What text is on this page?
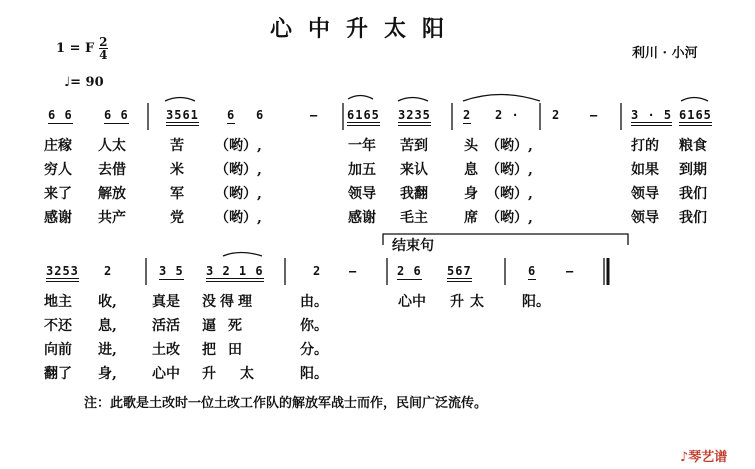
心中升太阳
1 = F $\frac{2}{4}$
♩= 90
利川 · 小河
6 6	6 6	3561 6 6	— 6165 3235	2 2 ·	2 —	3 · 5 6165
庄稼 人太	苦 （哟）,	一年 苦到	头 （哟）,	打的 粮食
穷人 去借	米 （哟）,	加五 来认	息 （哟）,	如果 到期
来了 解放	军 （哟）,	领导 我翻	身 （哟）,	领导 我们
感谢 共产	党 （哟）,	感谢 毛主	席 （哟）,	领导 我们
结束句
3253 2	3 5 3 2 1 6	2 —	2 6 567	6 —
地主 收,	真是 没得理	由。	心中 升太 阳。
不还 息,	活活 逼死	你。
向前 进,	土改 把田	分。
翻了 身,	心中 升太 阳。
注：此歌是土改时一位土改工作队的解放军战士而作，民间广泛流传。
♪琴艺谱
